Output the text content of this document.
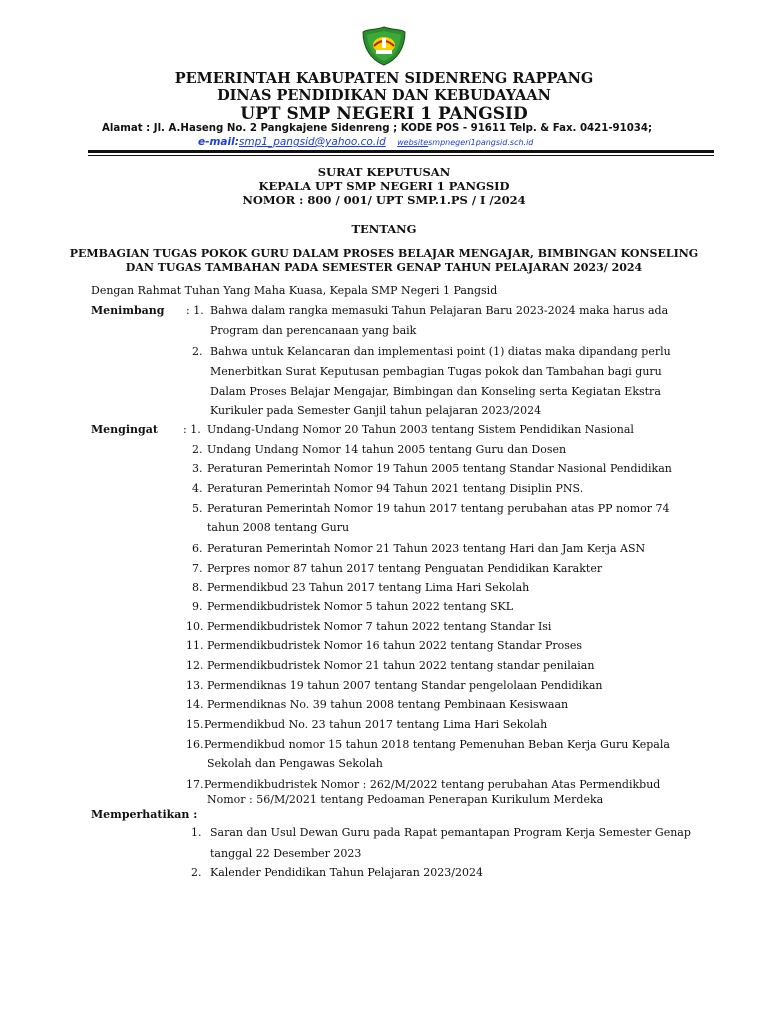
PEMERINTAH KABUPATEN SIDENRENG RAPPANG
DINAS PENDIDIKAN DAN KEBUDAYAAN
UPT SMP NEGERI 1 PANGSID
Alamat : Jl. A.Haseng No. 2 Pangkajene Sidenreng ; KODE POS - 91611 Telp. & Fax. 0421-91034;
e-mail:smp1_pangsid@yahoo.co.id websitesmpnegeri1pangsid.sch.id
SURAT KEPUTUSAN
KEPALA UPT SMP NEGERI 1 PANGSID
NOMOR : 800 / 001/ UPT SMP.1.PS / I /2024
TENTANG
PEMBAGIAN TUGAS POKOK GURU DALAM PROSES BELAJAR MENGAJAR, BIMBINGAN KONSELING
DAN TUGAS TAMBAHAN PADA SEMESTER GENAP TAHUN PELAJARAN 2023/ 2024
Dengan Rahmat Tuhan Yang Maha Kuasa, Kepala SMP Negeri 1 Pangsid
Menimbang : 1. Bahwa dalam rangka memasuki Tahun Pelajaran Baru 2023-2024 maka harus ada
Program dan perencanaan yang baik
2. Bahwa untuk Kelancaran dan implementasi point (1) diatas maka dipandang perlu
Menerbitkan Surat Keputusan pembagian Tugas pokok dan Tambahan bagi guru
Dalam Proses Belajar Mengajar, Bimbingan dan Konseling serta Kegiatan Ekstra
Kurikuler pada Semester Ganjil tahun pelajaran 2023/2024
Mengingat : 1. Undang-Undang Nomor 20 Tahun 2003 tentang Sistem Pendidikan Nasional
2. Undang Undang Nomor 14 tahun 2005 tentang Guru dan Dosen
3. Peraturan Pemerintah Nomor 19 Tahun 2005 tentang Standar Nasional Pendidikan
4. Peraturan Pemerintah Nomor 94 Tahun 2021 tentang Disiplin PNS.
5. Peraturan Pemerintah Nomor 19 tahun 2017 tentang perubahan atas PP nomor 74
tahun 2008 tentang Guru
6. Peraturan Pemerintah Nomor 21 Tahun 2023 tentang Hari dan Jam Kerja ASN
7. Perpres nomor 87 tahun 2017 tentang Penguatan Pendidikan Karakter
8. Permendikbud 23 Tahun 2017 tentang Lima Hari Sekolah
9. Permendikbudristek Nomor 5 tahun 2022 tentang SKL
10. Permendikbudristek Nomor 7 tahun 2022 tentang Standar Isi
11. Permendikbudristek Nomor 16 tahun 2022 tentang Standar Proses
12. Permendikbudristek Nomor 21 tahun 2022 tentang standar penilaian
13. Permendiknas 19 tahun 2007 tentang Standar pengelolaan Pendidikan
14. Permendiknas No. 39 tahun 2008 tentang Pembinaan Kesiswaan
15. Permendikbud No. 23 tahun 2017 tentang Lima Hari Sekolah
16. Permendikbud nomor 15 tahun 2018 tentang Pemenuhan Beban Kerja Guru Kepala
Sekolah dan Pengawas Sekolah
17. Permendikbudristek Nomor : 262/M/2022 tentang perubahan Atas Permendikbud
Nomor : 56/M/2021 tentang Pedoaman Penerapan Kurikulum Merdeka
Memperhatikan :
1. Saran dan Usul Dewan Guru pada Rapat pemantapan Program Kerja Semester Genap
tanggal 22 Desember 2023
2. Kalender Pendidikan Tahun Pelajaran 2023/2024
